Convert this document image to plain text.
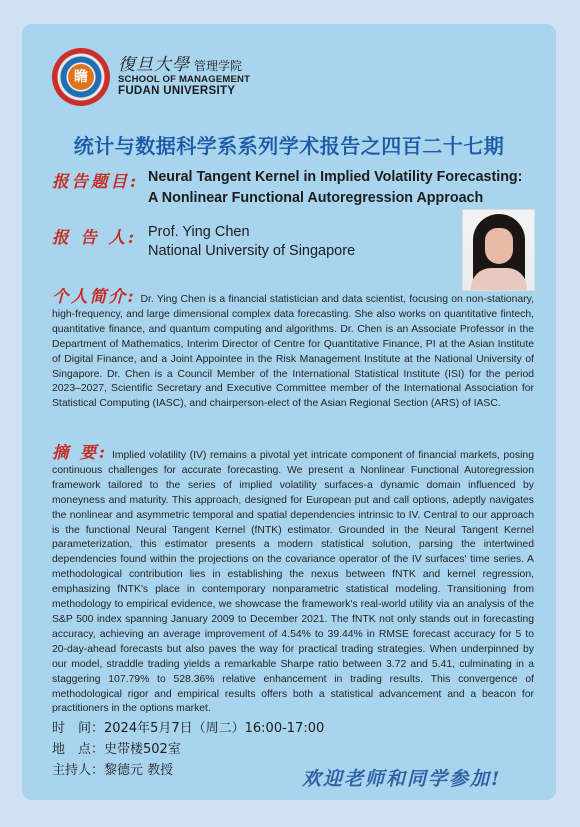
瞻
復旦大學 管理学院
SCHOOL OF MANAGEMENT
FUDAN UNIVERSITY
统计与数据科学系系列学术报告之四百二十七期
报告题目: Neural Tangent Kernel in Implied Volatility Forecasting:
A Nonlinear Functional Autoregression Approach
报 告 人: Prof. Ying Chen
National University of Singapore
个人简介: Dr. Ying Chen is a financial statistician and data scientist, focusing on non-stationary, high-frequency, and large dimensional complex data forecasting. She also works on quantitative fintech, quantitative finance, and quantum computing and algorithms. Dr. Chen is an Associate Professor in the Department of Mathematics, Interim Director of Centre for Quantitative Finance, PI at the Asian Institute of Digital Finance, and a Joint Appointee in the Risk Management Institute at the National University of Singapore. Dr. Chen is a Council Member of the International Statistical Institute (ISI) for the period 2023–2027, Scientific Secretary and Executive Committee member of the International Association for Statistical Computing (IASC), and chairperson-elect of the Asian Regional Section (ARS) of IASC.
摘 要: Implied volatility (IV) remains a pivotal yet intricate component of financial markets, posing continuous challenges for accurate forecasting. We present a Nonlinear Functional Autoregression framework tailored to the series of implied volatility surfaces-a dynamic domain influenced by moneyness and maturity. This approach, designed for European put and call options, adeptly navigates the nonlinear and asymmetric temporal and spatial dependencies intrinsic to IV. Central to our approach is the functional Neural Tangent Kernel (fNTK) estimator. Grounded in the Neural Tangent Kernel parameterization, this estimator presents a modern statistical solution, parsing the intertwined dependencies found within the projections on the covariance operator of the IV surfaces' time series. A methodological contribution lies in establishing the nexus between fNTK and kernel regression, emphasizing fNTK's place in contemporary nonparametric statistical modeling. Transitioning from methodology to empirical evidence, we showcase the framework's real-world utility via an analysis of the S&P 500 index spanning January 2009 to December 2021. The fNTK not only stands out in forecasting accuracy, achieving an average improvement of 4.54% to 39.44% in RMSE forecast accuracy for 5 to 20-day-ahead forecasts but also paves the way for practical trading strategies. When underpinned by our model, straddle trading yields a remarkable Sharpe ratio between 3.72 and 5.41, culminating in a staggering 107.79% to 528.36% relative enhancement in trading results. This convergence of methodological rigor and empirical results offers both a statistical advancement and a beacon for practitioners in the options market.
时　间：2024年5月7日（周二）16:00-17:00
地　点：史带楼502室
主持人：黎德元 教授	欢迎老师和同学参加!
